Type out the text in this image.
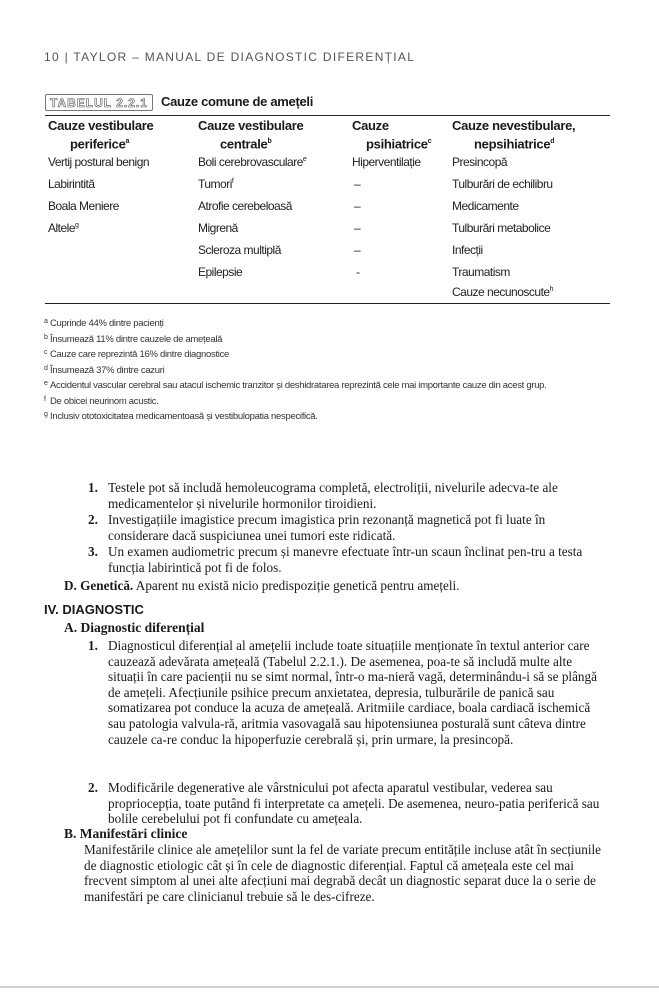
10 | TAYLOR – MANUAL DE DIAGNOSTIC DIFERENȚIAL
TABELUL 2.2.1	Cauze comune de amețeli
Cauze vestibulare
periferice$^a$
Cauze vestibulare
centrale$^b$
Cauze
psihiatrice$^c$
Cauze nevestibulare,
nepsihiatrice$^d$
Vertij postural benign
Labirintită
Boala Meniere
Altele$^g$
Boli cerebrovasculare$^e$
Tumori$^f$
Atrofie cerebeloasă
Migrenă
Scleroza multiplă
Epilepsie
Hiperventilație
–
–
–
–
-
Presincopă
Tulburări de echilibru
Medicamente
Tulburări metabolice
Infecții
Traumatism
Cauze necunoscute$^h$
a Cuprinde 44% dintre pacienți
b Însumează 11% dintre cauzele de amețeală
c Cauze care reprezintă 16% dintre diagnostice
d Însumează 37% dintre cazuri
e Accidentul vascular cerebral sau atacul ischemic tranzitor și deshidratarea reprezintă cele mai importante cauze din acest grup.
f De obicei neurinom acustic.
g Inclusiv ototoxicitatea medicamentoasă și vestibulopatia nespecifică.
1. Testele pot să includă hemoleucograma completă, electroliții, nivelurile adecva-te ale medicamentelor și nivelurile hormonilor tiroidieni.
2. Investigațiile imagistice precum imagistica prin rezonanță magnetică pot fi luate în considerare dacă suspiciunea unei tumori este ridicată.
3. Un examen audiometric precum și manevre efectuate într-un scaun înclinat pen-tru a testa funcția labirintică pot fi de folos.
D. Genetică. Aparent nu există nicio predispoziție genetică pentru amețeli.
IV. DIAGNOSTIC
A. Diagnostic diferențial
1. Diagnosticul diferențial al amețelii include toate situațiile menționate în textul anterior care cauzează adevărata amețeală (Tabelul 2.2.1.). De asemenea, poa-te să includă multe alte situații în care pacienții nu se simt normal, într-o ma-nieră vagă, determinându-i să se plângă de amețeli. Afecțiunile psihice precum anxietatea, depresia, tulburările de panică sau somatizarea pot conduce la acuza de amețeală. Aritmiile cardiace, boala cardiacă ischemică sau patologia valvula-ră, aritmia vasovagală sau hipotensiunea posturală sunt câteva dintre cauzele ca-re conduc la hipoperfuzie cerebrală și, prin urmare, la presincopă.
2. Modificările degenerative ale vârstnicului pot afecta aparatul vestibular, vederea sau propriocepția, toate putând fi interpretate ca amețeli. De asemenea, neuro-patia periferică sau bolile cerebelului pot fi confundate cu amețeala.
B. Manifestări clinice
Manifestările clinice ale amețelilor sunt la fel de variate precum entitățile incluse atât în secțiunile de diagnostic etiologic cât și în cele de diagnostic diferențial. Faptul că amețeala este cel mai frecvent simptom al unei alte afecțiuni mai degrabă decât un diagnostic separat duce la o serie de manifestări pe care clinicianul trebuie să le des-cifreze.
